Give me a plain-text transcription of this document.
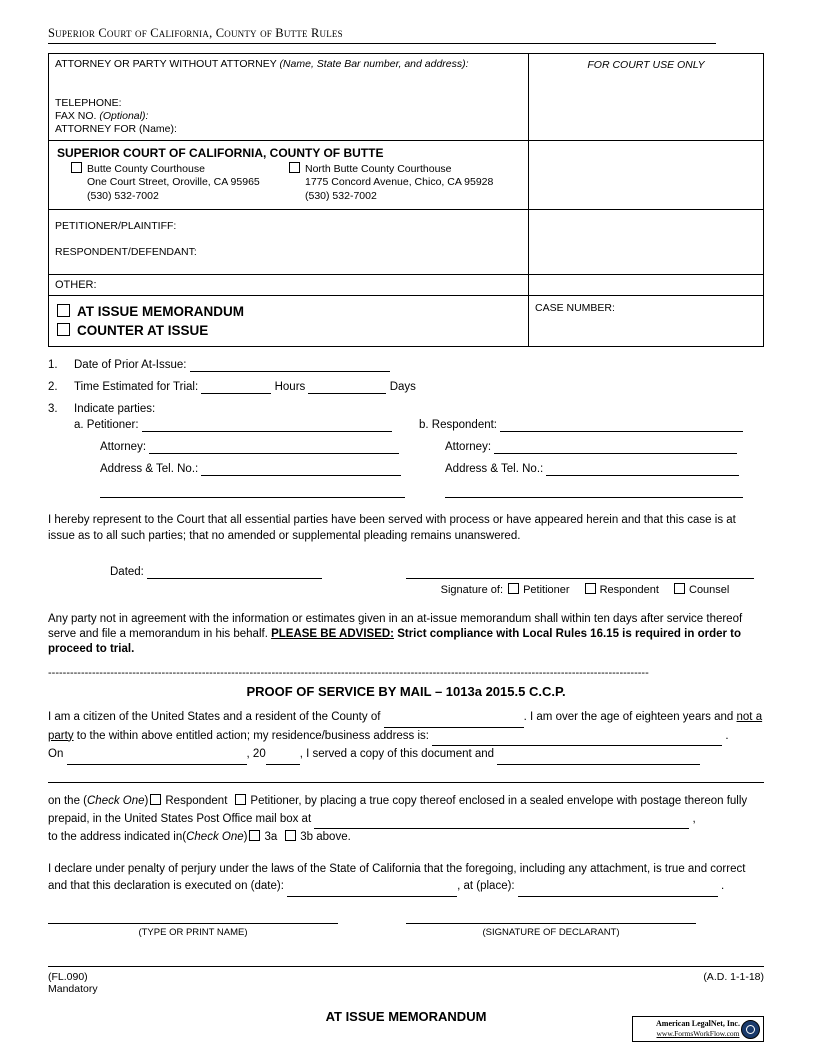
Superior Court of California, County of Butte Rules
ATTORNEY OR PARTY WITHOUT ATTORNEY (Name, State Bar number, and address):
TELEPHONE:
FAX NO. (Optional):
ATTORNEY FOR (Name):
FOR COURT USE ONLY
SUPERIOR COURT OF CALIFORNIA, COUNTY OF BUTTE
Butte County Courthouse
One Court Street, Oroville, CA 95965
(530) 532-7002
North Butte County Courthouse
1775 Concord Avenue, Chico, CA 95928
(530) 532-7002
PETITIONER/PLAINTIFF:
RESPONDENT/DEFENDANT:
OTHER:
AT ISSUE MEMORANDUM
COUNTER AT ISSUE
CASE NUMBER:
1.	Date of Prior At-Issue:
2.	Time Estimated for Trial:	Hours	Days
3.	Indicate parties:
a. Petitioner:	b. Respondent:
Attorney:	Attorney:
Address & Tel. No.:	Address & Tel. No.:

I hereby represent to the Court that all essential parties have been served with process or have appeared herein and that this case is at issue as to all such parties; that no amended or supplemental pleading remains unanswered.
Dated:

Signature of: Petitioner	Respondent	Counsel
Any party not in agreement with the information or estimates given in an at-issue memorandum shall within ten days after service thereof serve and file a memorandum in his behalf. PLEASE BE ADVISED: Strict compliance with Local Rules 16.15 is required in order to proceed to trial.
--------------------------------------------------------------------------------------------------------------------------------------------------------------------
PROOF OF SERVICE BY MAIL – 1013a 2015.5 C.C.P.
I am a citizen of the United States and a resident of the County of	. I am over the age of eighteen years and not a
party to the within above entitled action; my residence/business address is:	.
On	, 20	, I served a copy of this document and

on the (Check One) Respondent Petitioner, by placing a true copy thereof enclosed in a sealed envelope with postage thereon fully prepaid, in the United States Post Office mail box at	,
to the address indicated in(Check One) 3a 3b above.
I declare under penalty of perjury under the laws of the State of California that the foregoing, including any attachment, is true and correct and that this declaration is executed on (date):	, at (place):	.
(TYPE OR PRINT NAME)	(SIGNATURE OF DECLARANT)
(FL.090)
Mandatory
(A.D. 1-1-18)
AT ISSUE MEMORANDUM	American LegalNet, Inc.
www.FormsWorkFlow.com
